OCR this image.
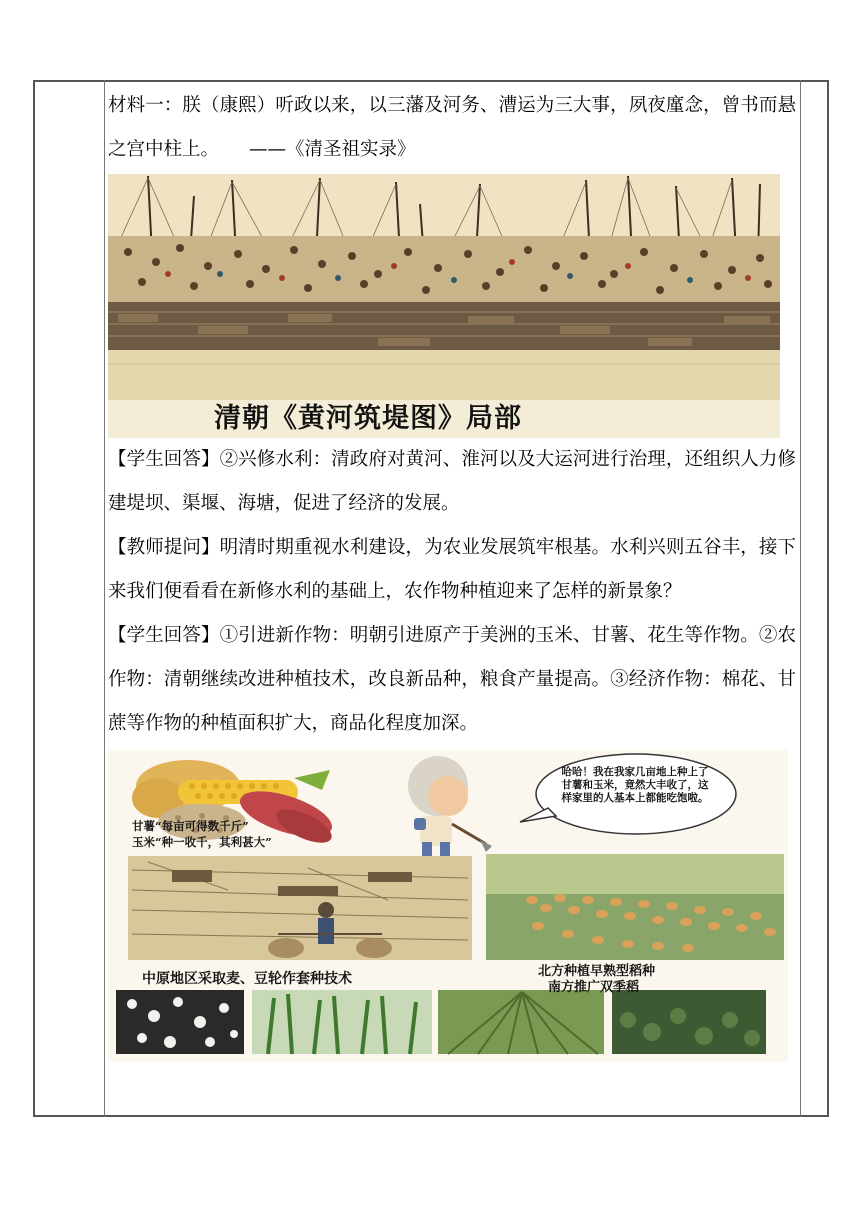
材料一：朕（康熙）听政以来，以三藩及河务、漕运为三大事，夙夜廑念，曾书而悬之宫中柱上。 ——《清圣祖实录》

清朝《黄河筑堤图》局部

【学生回答】②兴修水利：清政府对黄河、淮河以及大运河进行治理，还组织人力修建堤坝、渠堰、海塘，促进了经济的发展。

【教师提问】明清时期重视水利建设，为农业发展筑牢根基。水利兴则五谷丰，接下来我们便看看在新修水利的基础上，农作物种植迎来了怎样的新景象？

【学生回答】①引进新作物：明朝引进原产于美洲的玉米、甘薯、花生等作物。②农作物：清朝继续改进种植技术，改良新品种，粮食产量提高。③经济作物：棉花、甘蔗等作物的种植面积扩大，商品化程度加深。

哈哈！我在我家几亩地上种上了甘薯和玉米，竟然大丰收了，这样家里的人基本上都能吃饱啦。
甘薯“每亩可得数千斤”
玉米“种一收千，其利甚大”
中原地区采取麦、豆轮作套种技术	北方种植早熟型稻种
南方推广双季稻
